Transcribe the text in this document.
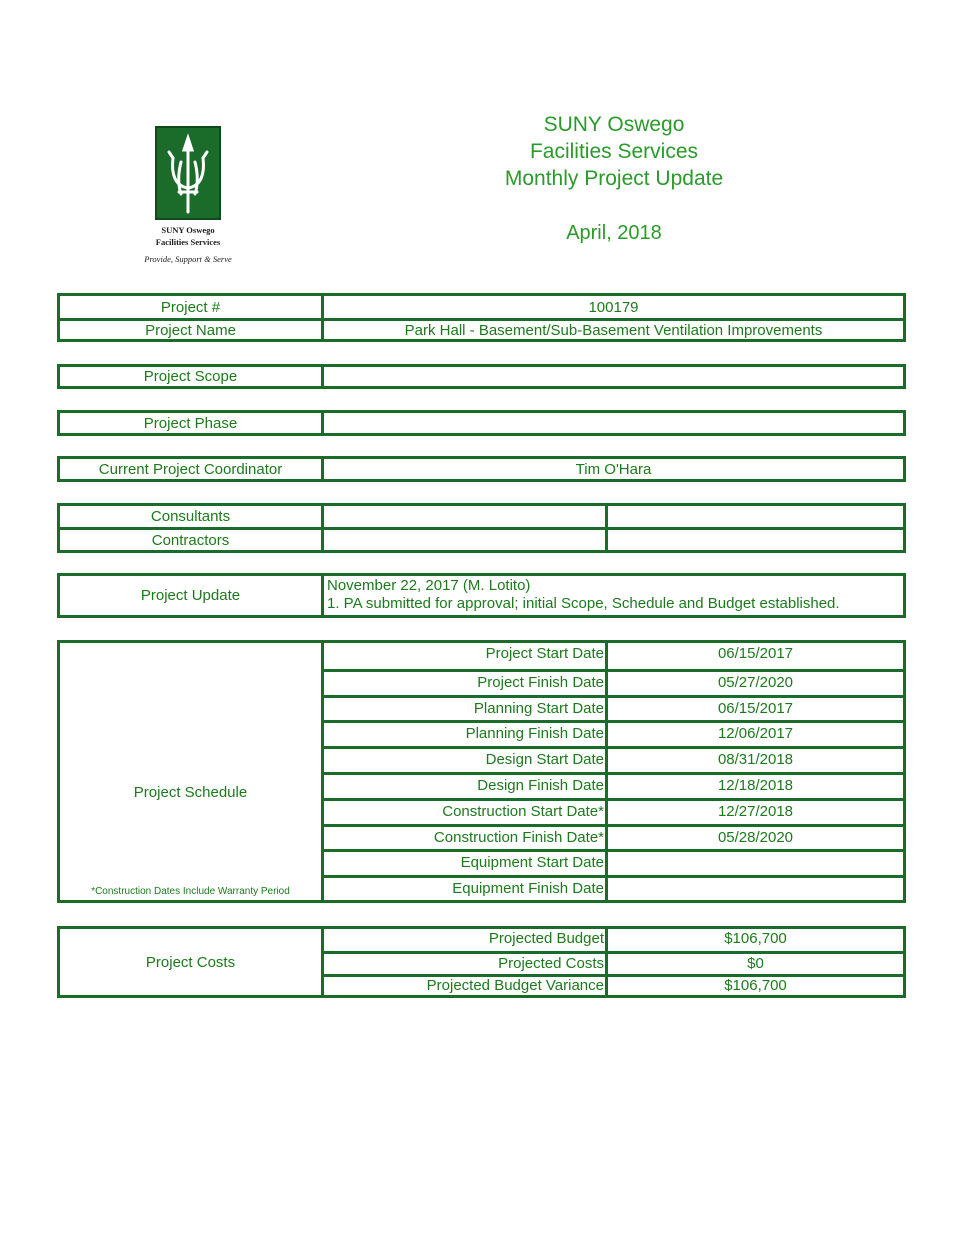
SUNY Oswego
Facilities Services
Provide, Support & Serve
SUNY Oswego
Facilities Services
Monthly Project Update
April, 2018
Project #	100179
Project Name	Park Hall - Basement/Sub-Basement Ventilation Improvements
Project Scope
Project Phase
Current Project Coordinator	Tim O'Hara
Consultants
Contractors
Project Update
November 22, 2017 (M. Lotito)
1. PA submitted for approval; initial Scope, Schedule and Budget established.
Project Schedule
*Construction Dates Include Warranty Period
Project Start Date	06/15/2017
Project Finish Date	05/27/2020
Planning Start Date	06/15/2017
Planning Finish Date	12/06/2017
Design Start Date	08/31/2018
Design Finish Date	12/18/2018
Construction Start Date*	12/27/2018
Construction Finish Date*	05/28/2020
Equipment Start Date
Equipment Finish Date
Project Costs
Projected Budget	$106,700
Projected Costs	$0
Projected Budget Variance	$106,700
